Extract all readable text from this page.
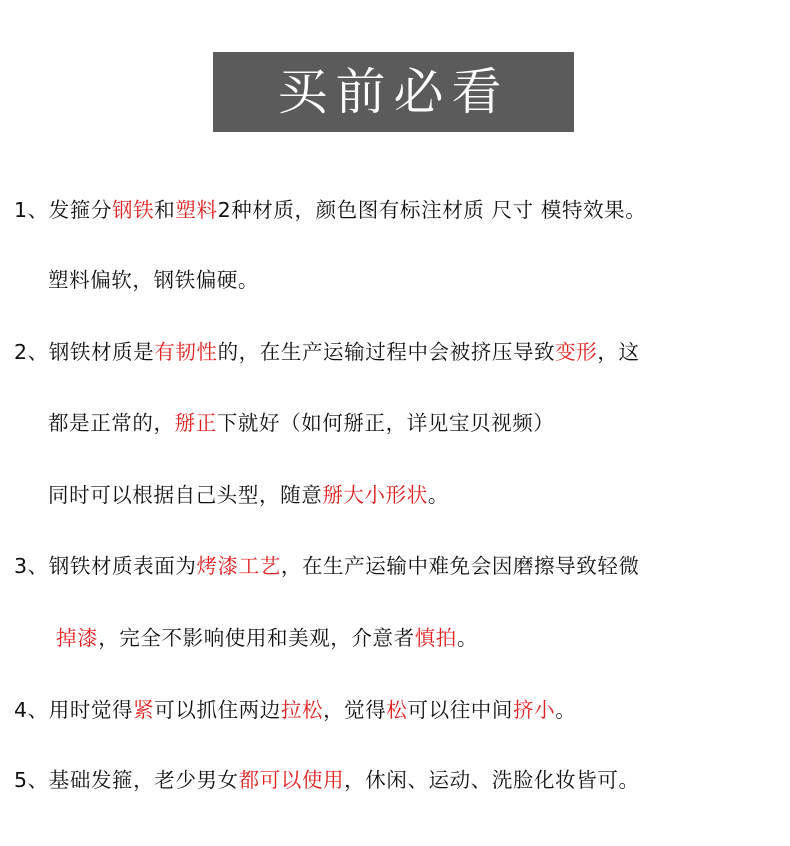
买前必看
1、发箍分钢铁和塑料2种材质，颜色图有标注材质 尺寸 模特效果。
塑料偏软，钢铁偏硬。
2、钢铁材质是有韧性的，在生产运输过程中会被挤压导致变形，这
都是正常的，掰正下就好（如何掰正，详见宝贝视频）
同时可以根据自己头型，随意掰大小形状。
3、钢铁材质表面为烤漆工艺，在生产运输中难免会因磨擦导致轻微
掉漆，完全不影响使用和美观，介意者慎拍。
4、用时觉得紧可以抓住两边拉松，觉得松可以往中间挤小。
5、基础发箍，老少男女都可以使用，休闲、运动、洗脸化妆皆可。
